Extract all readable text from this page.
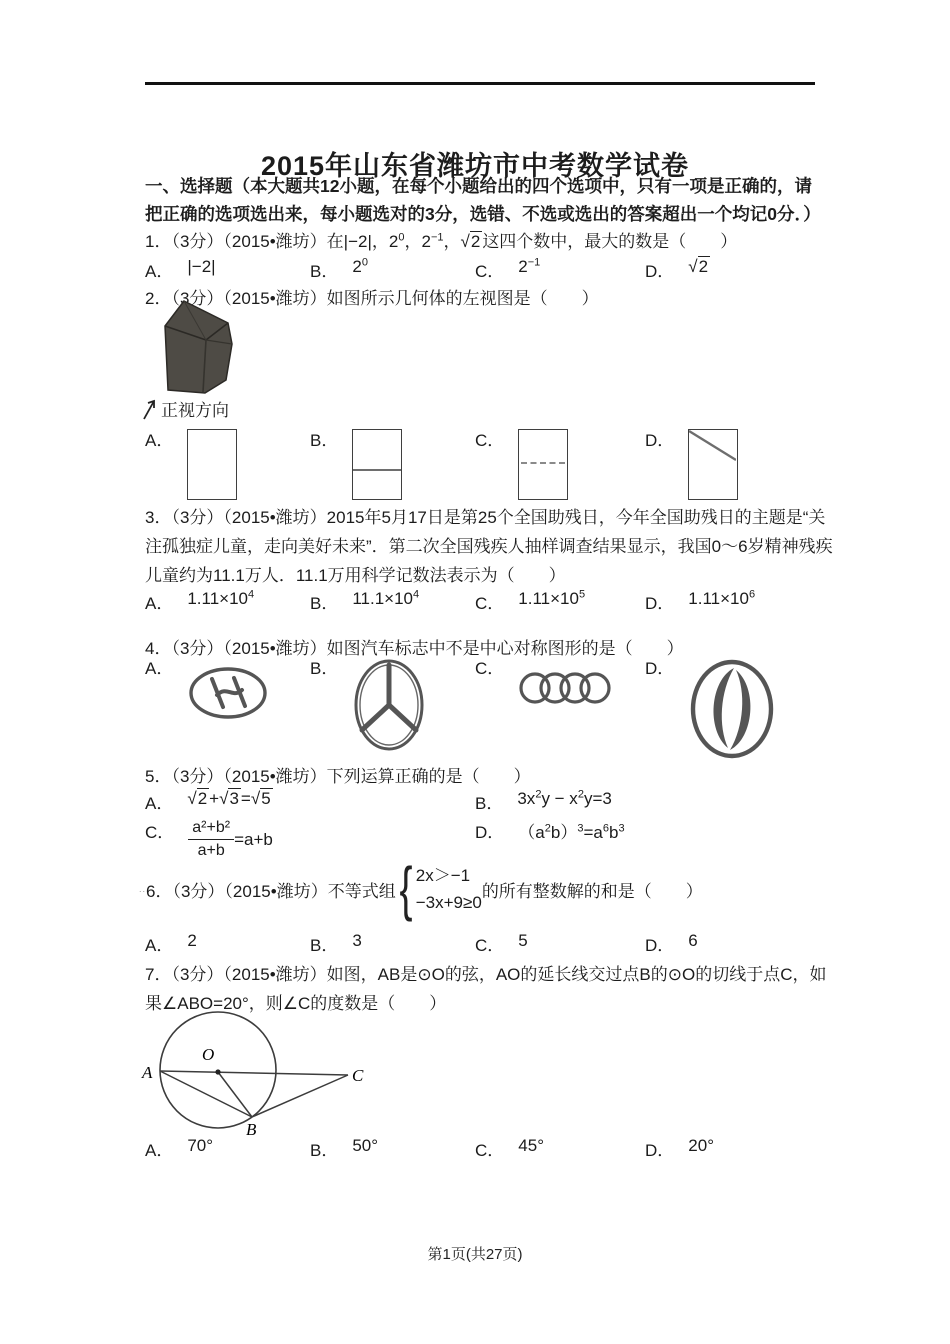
2015年山东省潍坊市中考数学试卷
一、选择题（本大题共12小题，在每个小题给出的四个选项中，只有一项是正确的，请把正确的选项选出来，每小题选对的3分，选错、不选或选出的答案超出一个均记0分．）
1．（3分）（2015•潍坊）在|−2|，$2^0$，$2^{-1}$， √ 2 这四个数中，最大的数是（　　）
A． |−2|	B． $2^0$	C． $2^{-1}$	D．	√ 2
2．（3分）（2015•潍坊）如图所示几何体的左视图是（　　）
正视方向
A．	B．	C．	D．
3．（3分）（2015•潍坊）2015年5月17日是第25个全国助残日，今年全国助残日的主题是“关注孤独症儿童，走向美好未来”．第二次全国残疾人抽样调查结果显示，我国0～6岁精神残疾儿童约为11.1万人．11.1万用科学记数法表示为（　　）
A． $1.11\times 10^4$	B． $11.1\times 10^4$	C． $1.11\times 10^5$	D． $1.11\times 10^6$
4．（3分）（2015•潍坊）如图汽车标志中不是中心对称图形的是（　　）
A．	B．	C．	D．
5．（3分）（2015•潍坊）下列运算正确的是（　　）
A．	√ 2 + √ 3 = √ 5	B． $3x^2y - x^2y=3$
C． $\frac{\text{a²+b²}}{a+b} =a+b$	D． $(a^2b)^3=a^6b^3$
.. 6．（3分）（2015•潍坊）不等式组 { 2x＞−1
−3x+9≥0
的所有整数解的和是（　　）
A． 2	B． 3	C． 5	D． 6
7．（3分）（2015•潍坊）如图，AB是⊙O的弦，AO的延长线交过点B的⊙O的切线于点C，如果∠ABO=20°，则∠C的度数是（　　）
A
O
B
C
A． 70°	B． 50°	C． 45°	D． 20°
第1页(共27页)
